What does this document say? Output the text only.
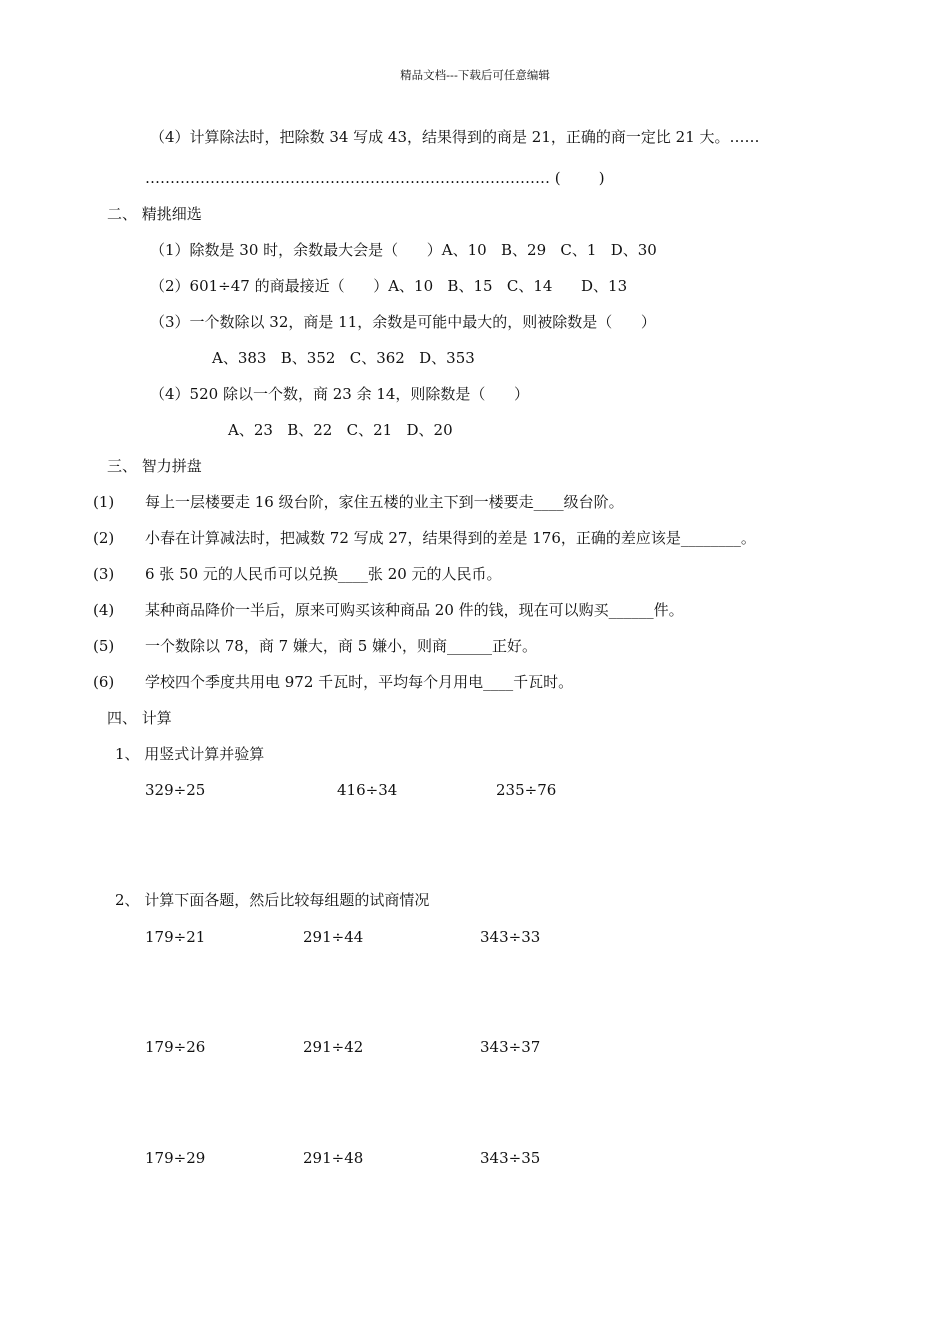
精品文档---下载后可任意编辑
（4）计算除法时，把除数 34 写成 43，结果得到的商是 21，正确的商一定比 21 大。……
……………………………………………………………………… (        )
二、 精挑细选
（1）除数是 30 时，余数最大会是（      ）A、10   B、29   C、1   D、30
（2）601÷47 的商最接近（      ）A、10   B、15   C、14      D、13
（3）一个数除以 32，商是 11，余数是可能中最大的，则被除数是（      ）
A、383   B、352   C、362   D、353
（4）520 除以一个数，商 23 余 14，则除数是（      ）
A、23   B、22   C、21   D、20
三、 智力拼盘
(1) 每上一层楼要走 16 级台阶，家住五楼的业主下到一楼要走____级台阶。
(2) 小春在计算减法时，把减数 72 写成 27，结果得到的差是 176，正确的差应该是________。
(3) 6 张 50 元的人民币可以兑换____张 20 元的人民币。
(4) 某种商品降价一半后，原来可购买该种商品 20 件的钱，现在可以购买______件。
(5) 一个数除以 78，商 7 嫌大，商 5 嫌小，则商______正好。
(6) 学校四个季度共用电 972 千瓦时，平均每个月用电____千瓦时。
四、 计算
1、 用竖式计算并验算
329÷25	416÷34	235÷76
2、 计算下面各题，然后比较每组题的试商情况
179÷21	291÷44	343÷33
179÷26	291÷42	343÷37
179÷29	291÷48	343÷35
